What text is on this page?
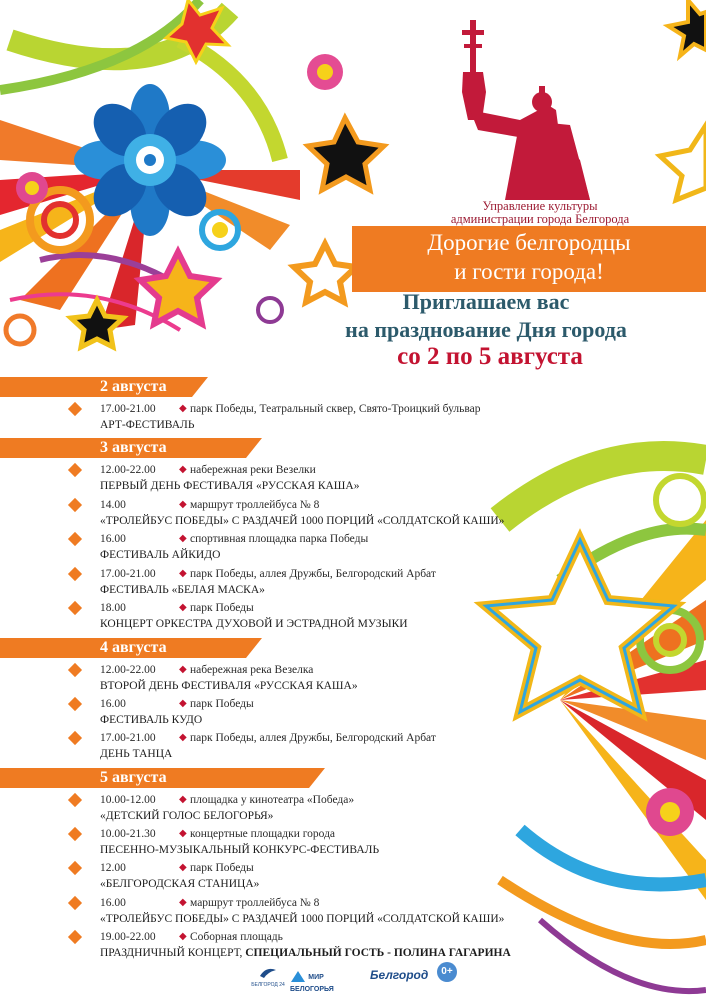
Управление культуры
администрации города Белгорода
Дорогие белгородцы
и гости города!
Приглашаем вас
на празднование Дня города
со 2 по 5 августа
2 августа
17.00-21.00 ◆ парк Победы, Театральный сквер, Свято-Троицкий бульвар
АРТ-ФЕСТИВАЛЬ
3 августа
12.00-22.00 ◆ набережная реки Везелки
ПЕРВЫЙ ДЕНЬ ФЕСТИВАЛЯ «РУССКАЯ КАША»
14.00	◆ маршрут троллейбуса № 8
«ТРОЛЕЙБУС ПОБЕДЫ» С РАЗДАЧЕЙ 1000 ПОРЦИЙ «СОЛДАТСКОЙ КАШИ»
16.00	◆ спортивная площадка парка Победы
ФЕСТИВАЛЬ АЙКИДО
17.00-21.00 ◆ парк Победы, аллея Дружбы, Белгородский Арбат
ФЕСТИВАЛЬ «БЕЛАЯ МАСКА»
18.00	◆ парк Победы
КОНЦЕРТ ОРКЕСТРА ДУХОВОЙ И ЭСТРАДНОЙ МУЗЫКИ
4 августа
12.00-22.00 ◆ набережная река Везелка
ВТОРОЙ ДЕНЬ ФЕСТИВАЛЯ «РУССКАЯ КАША»
16.00	◆ парк Победы
ФЕСТИВАЛЬ КУДО
17.00-21.00 ◆ парк Победы, аллея Дружбы, Белгородский Арбат
ДЕНЬ ТАНЦА
5 августа
10.00-12.00 ◆ площадка у кинотеатра «Победа»
«ДЕТСКИЙ ГОЛОС БЕЛОГОРЬЯ»
10.00-21.30 ◆ концертные площадки города
ПЕСЕННО-МУЗЫКАЛЬНЫЙ КОНКУРС-ФЕСТИВАЛЬ
12.00	◆ парк Победы
«БЕЛГОРОДСКАЯ СТАНИЦА»
16.00	◆ маршрут троллейбуса № 8
«ТРОЛЕЙБУС ПОБЕДЫ» С РАЗДАЧЕЙ 1000 ПОРЦИЙ «СОЛДАТСКОЙ КАШИ»
19.00-22.00 ◆ Соборная площадь
ПРАЗДНИЧНЫЙ КОНЦЕРТ, СПЕЦИАЛЬНЫЙ ГОСТЬ - ПОЛИНА ГАГАРИНА
БЕЛГОРОД 24
МИР БЕЛОГОРЬЯ
Белгород	0+
